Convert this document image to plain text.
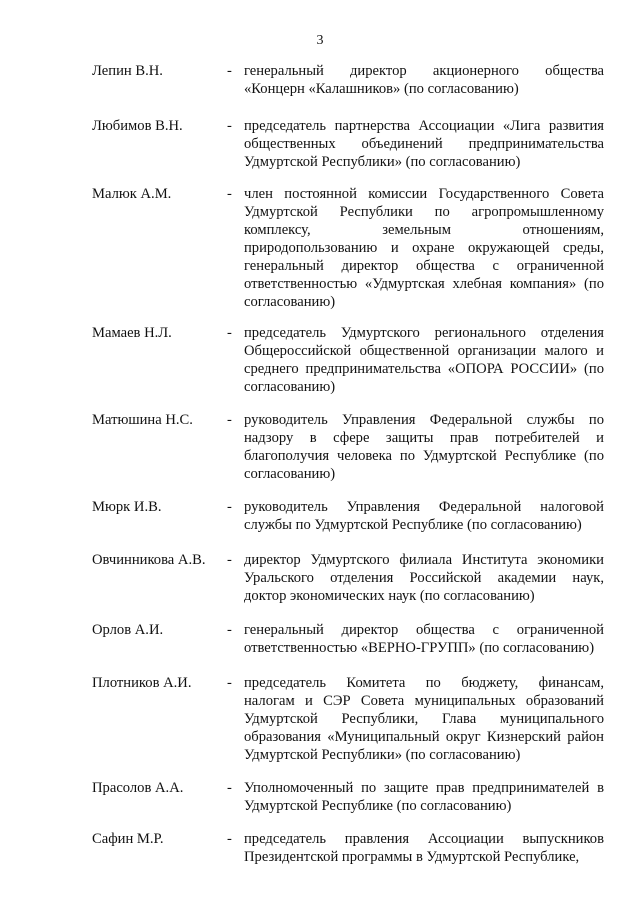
3
Лепин В.Н.	- генеральный директор акционерного общества
«Концерн «Калашников» (по согласованию)
Любимов В.Н.	- председатель партнерства Ассоциации «Лига развития
общественных объединений предпринимательства
Удмуртской Республики» (по согласованию)
Малюк А.М.	- член постоянной комиссии Государственного Совета
Удмуртской Республики по агропромышленному
комплексу, земельным отношениям,
природопользованию и охране окружающей среды,
генеральный директор общества с ограниченной
ответственностью «Удмуртская хлебная компания» (по
согласованию)
Мамаев Н.Л.	- председатель Удмуртского регионального отделения
Общероссийской общественной организации малого и
среднего предпринимательства «ОПОРА РОССИИ» (по
согласованию)
Матюшина Н.С. - руководитель Управления Федеральной службы по
надзору в сфере защиты прав потребителей и
благополучия человека по Удмуртской Республике (по
согласованию)
Мюрк И.В.	- руководитель Управления Федеральной налоговой
службы по Удмуртской Республике (по согласованию)
Овчинникова А.В. - директор Удмуртского филиала Института экономики
Уральского отделения Российской академии наук,
доктор экономических наук (по согласованию)
Орлов А.И.	- генеральный директор общества с ограниченной
ответственностью «ВЕРНО-ГРУПП» (по согласованию)
Плотников А.И. - председатель Комитета по бюджету, финансам,
налогам и СЭР Совета муниципальных образований
Удмуртской Республики, Глава муниципального
образования «Муниципальный округ Кизнерский район
Удмуртской Республики» (по согласованию)
Прасолов А.А.	- Уполномоченный по защите прав предпринимателей в
Удмуртской Республике (по согласованию)
Сафин М.Р.	- председатель правления Ассоциации выпускников
Президентской программы в Удмуртской Республике,
